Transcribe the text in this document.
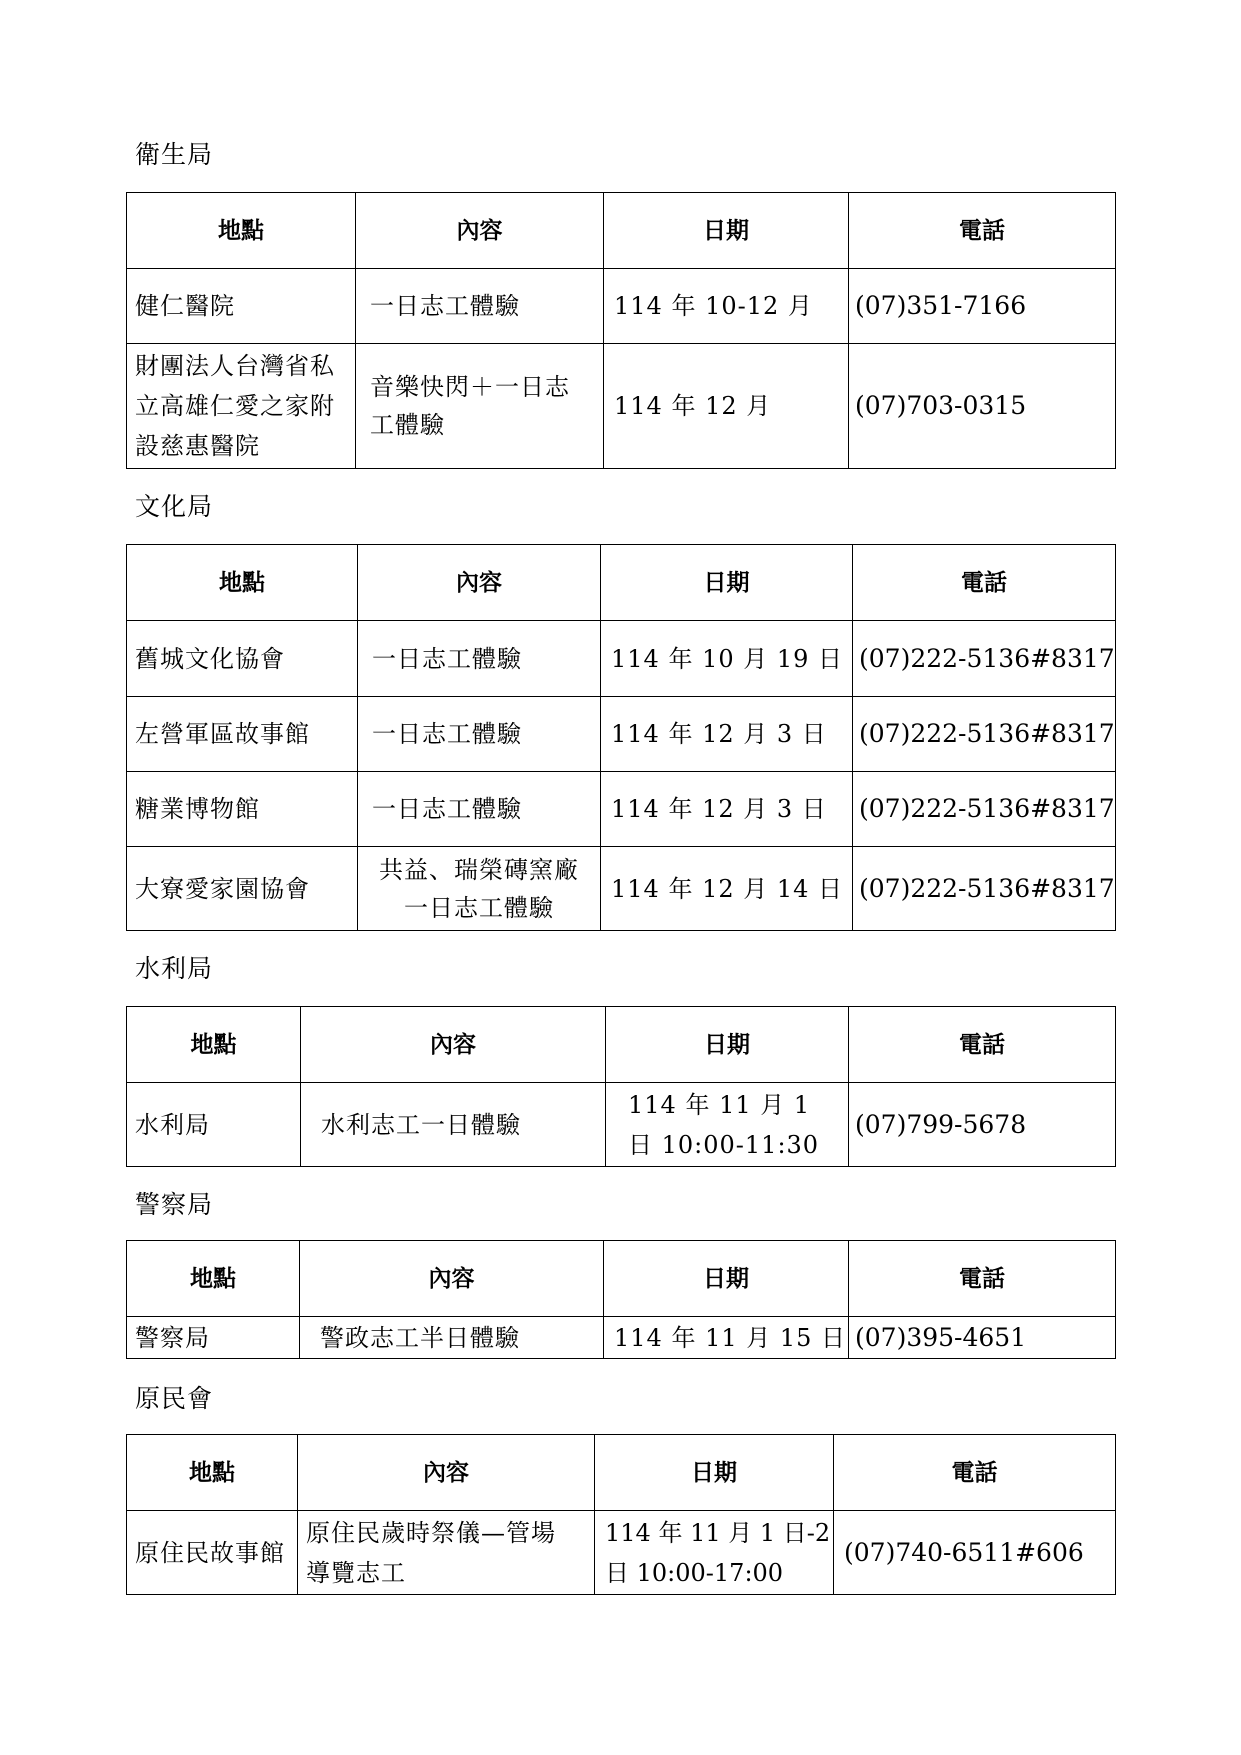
衛生局
地點	內容	日期	電話
健仁醫院	一日志工體驗	114 年 10-12 月	(07)351-7166
財團法人台灣省私立高雄仁愛之家附設慈惠醫院	音樂快閃＋一日志工體驗	114 年 12 月	(07)703-0315
文化局
地點	內容	日期	電話
舊城文化協會	一日志工體驗	114 年 10 月 19 日	(07)222-5136#8317
左營軍區故事館	一日志工體驗	114 年 12 月 3 日	(07)222-5136#8317
糖業博物館	一日志工體驗	114 年 12 月 3 日	(07)222-5136#8317
大寮愛家園協會	共益、瑞榮磚窯廠一日志工體驗	114 年 12 月 14 日	(07)222-5136#8317
水利局
地點	內容	日期	電話
水利局	水利志工一日體驗	114 年 11 月 1 日 10:00-11:30	(07)799-5678
警察局
地點	內容	日期	電話
警察局	警政志工半日體驗	114 年 11 月 15 日	(07)395-4651
原民會
地點	內容	日期	電話
原住民故事館	原住民歲時祭儀—管場導覽志工	114 年 11 月 1 日-2 日 10:00-17:00	(07)740-6511#606
